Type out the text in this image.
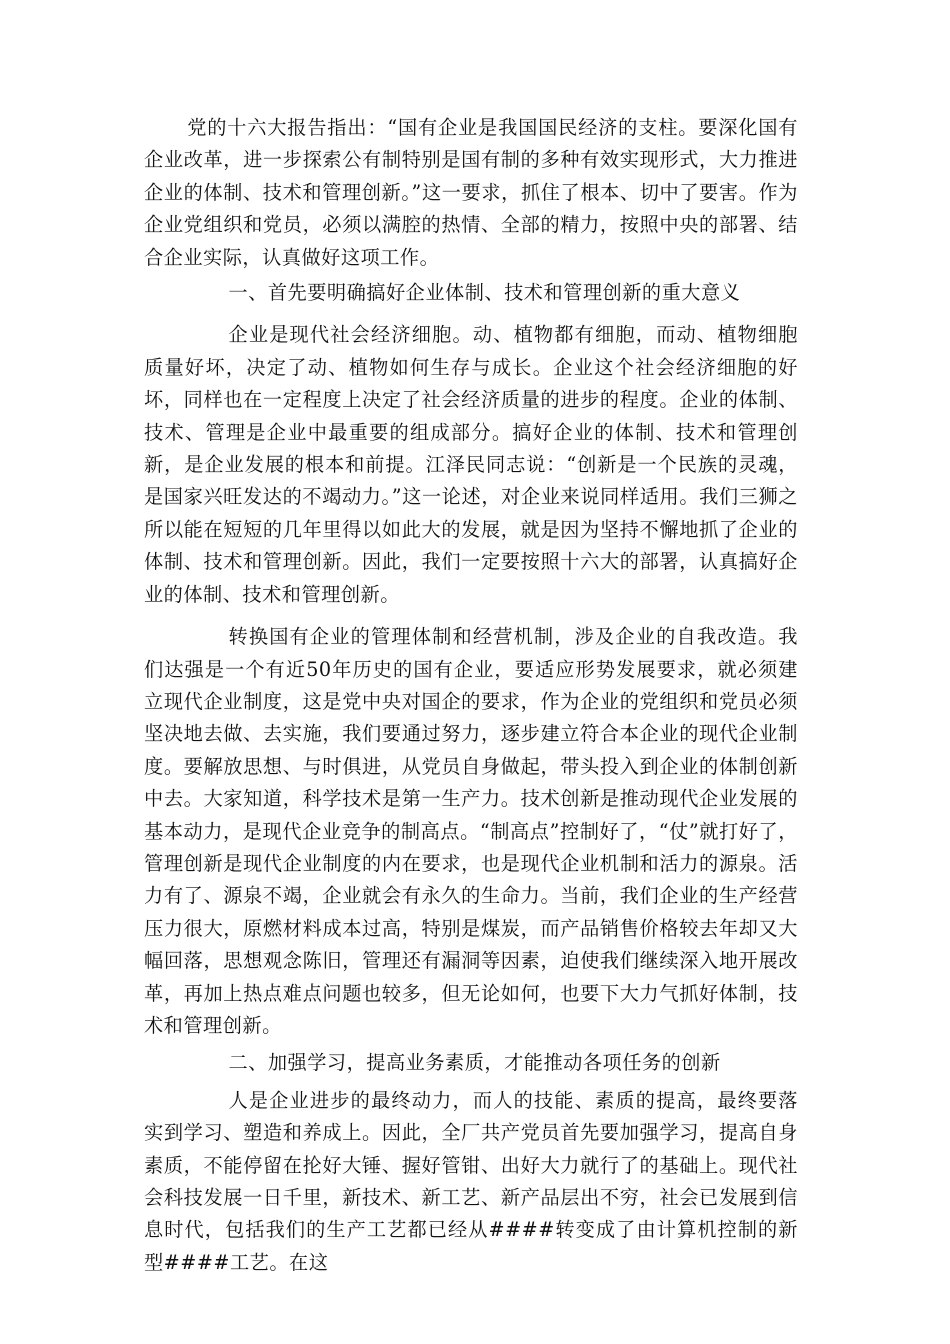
党的十六大报告指出：“国有企业是我国国民经济的支柱。要深化国有企业改革，进一步探索公有制特别是国有制的多种有效实现形式，大力推进企业的体制、技术和管理创新。”这一要求，抓住了根本、切中了要害。作为企业党组织和党员，必须以满腔的热情、全部的精力，按照中央的部署、结合企业实际，认真做好这项工作。

一、首先要明确搞好企业体制、技术和管理创新的重大意义

企业是现代社会经济细胞。动、植物都有细胞，而动、植物细胞质量好坏，决定了动、植物如何生存与成长。企业这个社会经济细胞的好坏，同样也在一定程度上决定了社会经济质量的进步的程度。企业的体制、技术、管理是企业中最重要的组成部分。搞好企业的体制、技术和管理创新，是企业发展的根本和前提。江泽民同志说：“创新是一个民族的灵魂，是国家兴旺发达的不竭动力。”这一论述，对企业来说同样适用。我们三狮之所以能在短短的几年里得以如此大的发展，就是因为坚持不懈地抓了企业的体制、技术和管理创新。因此，我们一定要按照十六大的部署，认真搞好企业的体制、技术和管理创新。

转换国有企业的管理体制和经营机制，涉及企业的自我改造。我们达强是一个有近50年历史的国有企业，要适应形势发展要求，就必须建立现代企业制度，这是党中央对国企的要求，作为企业的党组织和党员必须坚决地去做、去实施，我们要通过努力，逐步建立符合本企业的现代企业制度。要解放思想、与时俱进，从党员自身做起，带头投入到企业的体制创新中去。大家知道，科学技术是第一生产力。技术创新是推动现代企业发展的基本动力，是现代企业竞争的制高点。“制高点”控制好了，“仗”就打好了，管理创新是现代企业制度的内在要求，也是现代企业机制和活力的源泉。活力有了、源泉不竭，企业就会有永久的生命力。当前，我们企业的生产经营压力很大，原燃材料成本过高，特别是煤炭，而产品销售价格较去年却又大幅回落，思想观念陈旧，管理还有漏洞等因素，迫使我们继续深入地开展改革，再加上热点难点问题也较多，但无论如何，也要下大力气抓好体制，技术和管理创新。

二、加强学习，提高业务素质，才能推动各项任务的创新

人是企业进步的最终动力，而人的技能、素质的提高，最终要落实到学习、塑造和养成上。因此，全厂共产党员首先要加强学习，提高自身素质，不能停留在抡好大锤、握好管钳、出好大力就行了的基础上。现代社会科技发展一日千里，新技术、新工艺、新产品层出不穷，社会已发展到信息时代，包括我们的生产工艺都已经从####转变成了由计算机控制的新型####工艺。在这
